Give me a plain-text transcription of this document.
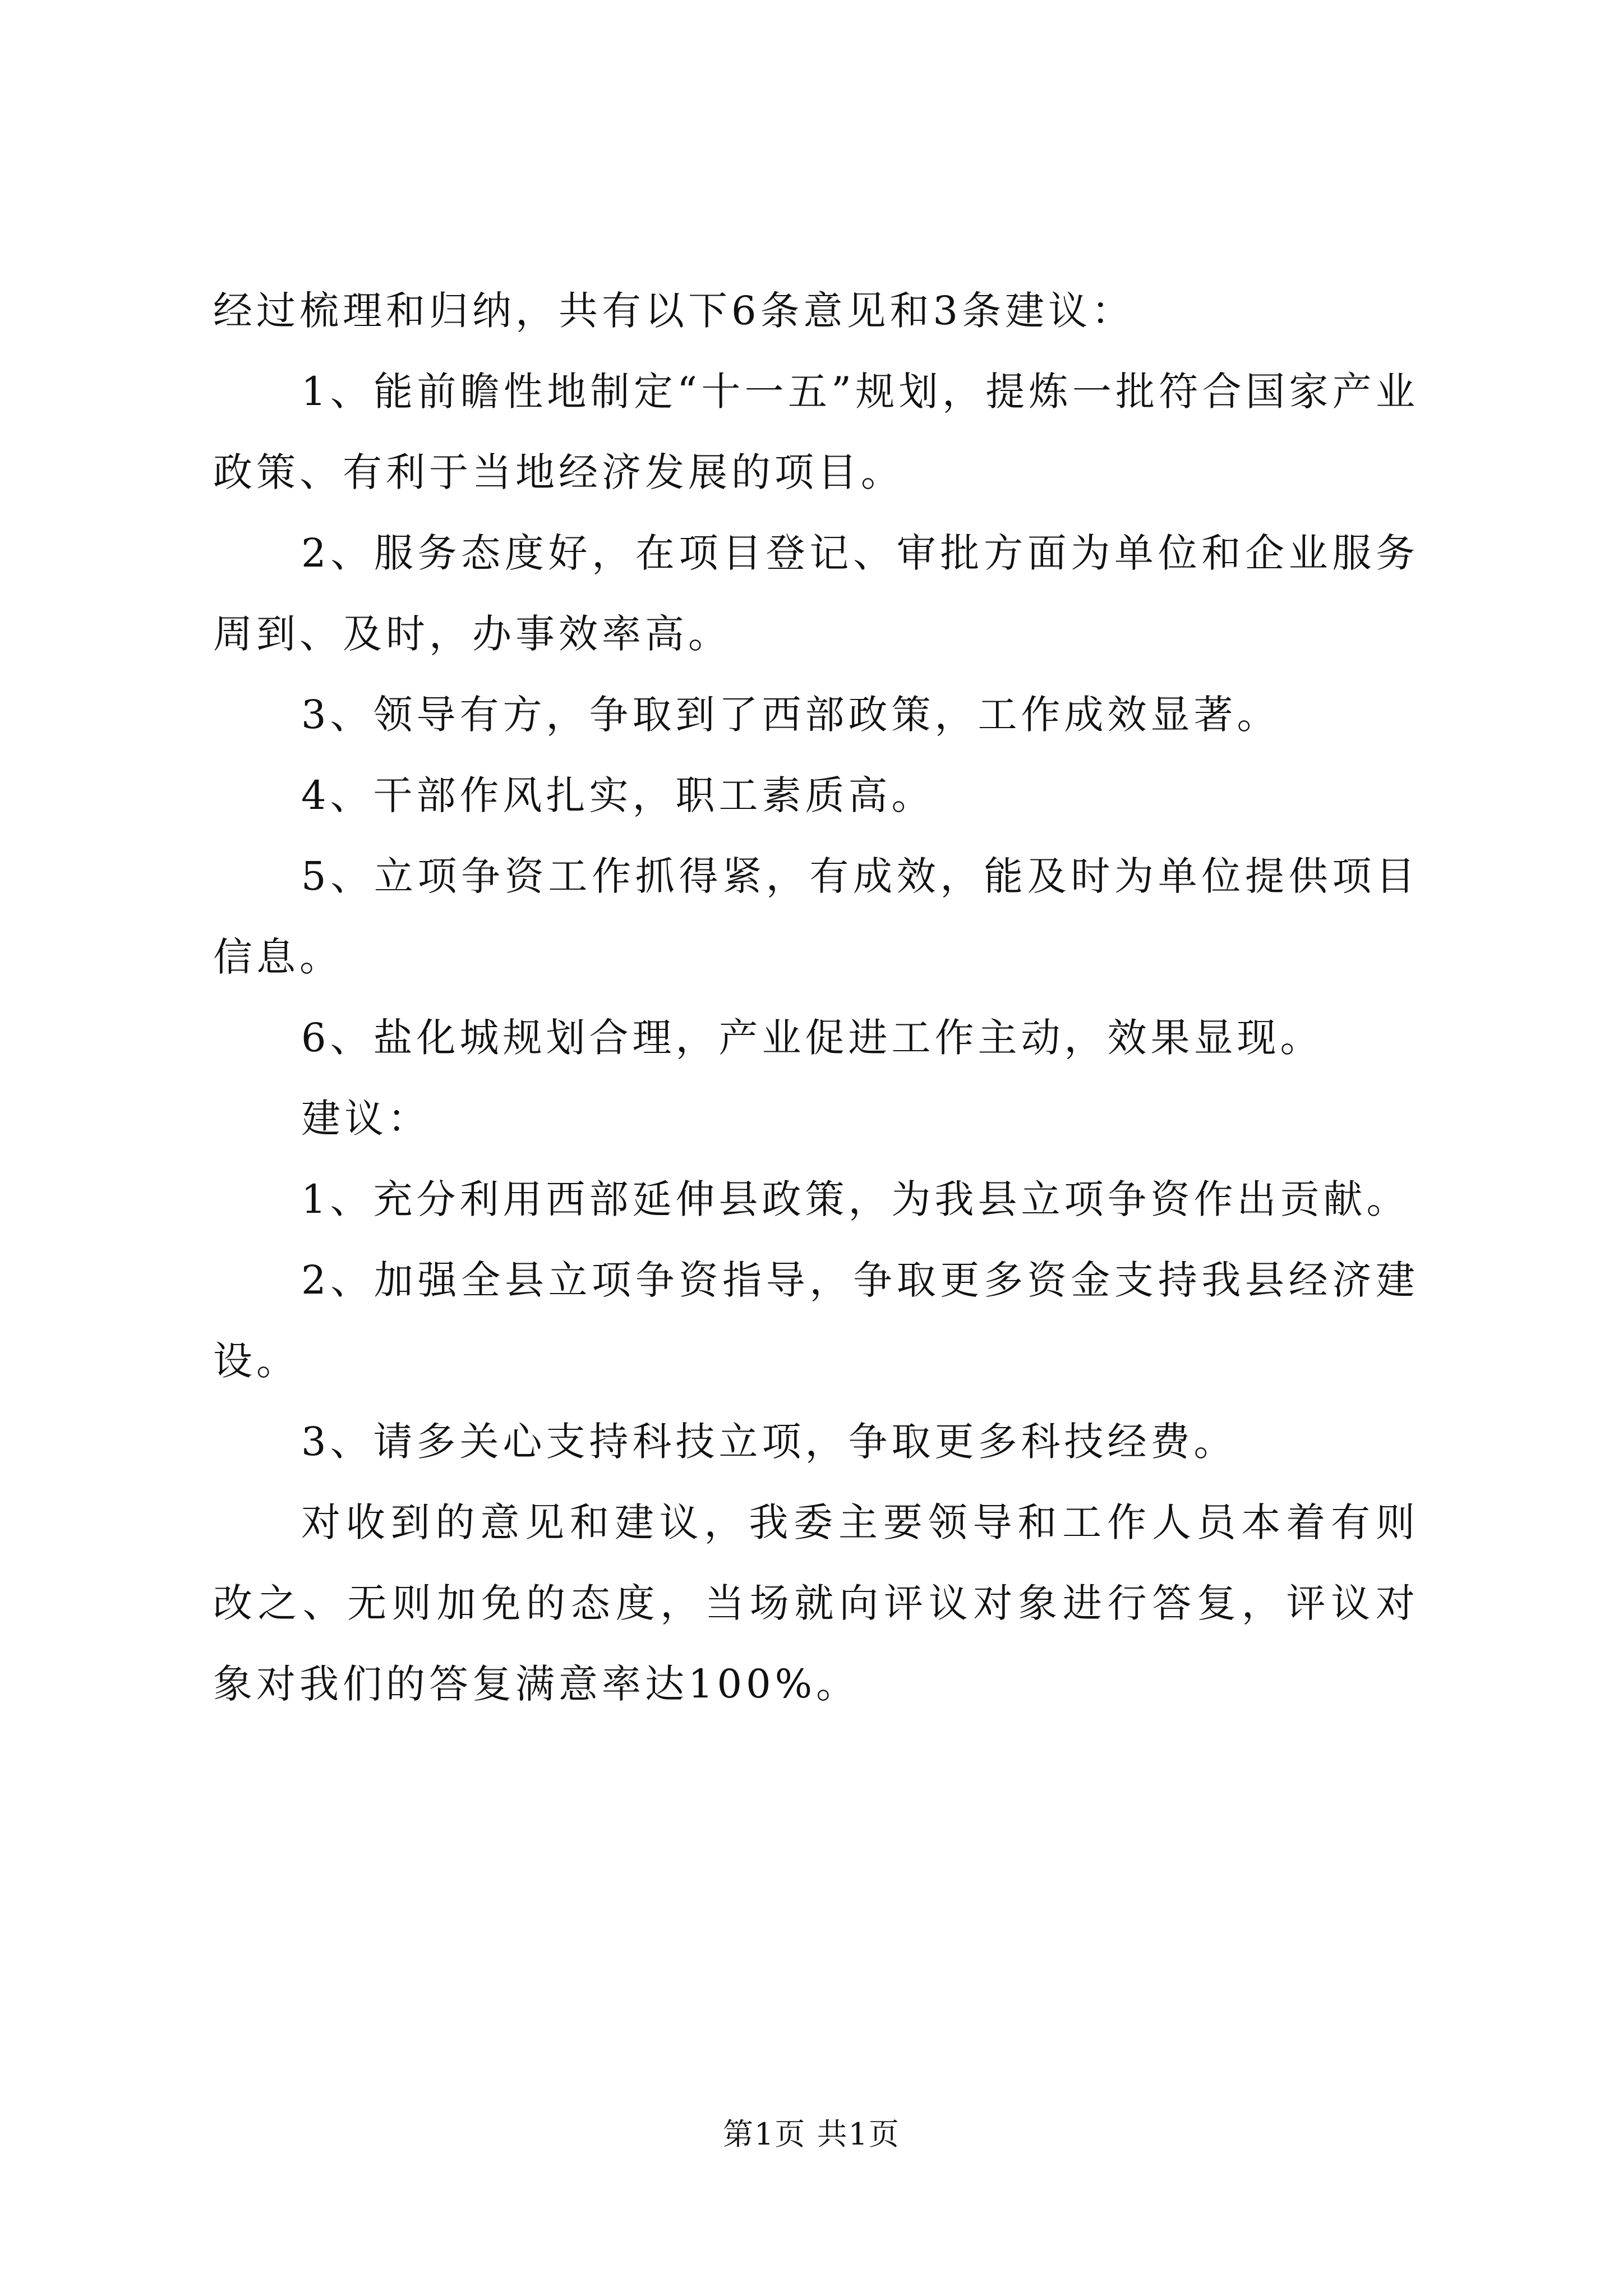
经过梳理和归纳，共有以下6条意见和3条建议：

1、能前瞻性地制定“十一五”规划，提炼一批符合国家产业政策、有利于当地经济发展的项目。

2、服务态度好，在项目登记、审批方面为单位和企业服务周到、及时，办事效率高。

3、领导有方，争取到了西部政策，工作成效显著。

4、干部作风扎实，职工素质高。

5、立项争资工作抓得紧，有成效，能及时为单位提供项目信息。

6、盐化城规划合理，产业促进工作主动，效果显现。

建议：

1、充分利用西部延伸县政策，为我县立项争资作出贡献。

2、加强全县立项争资指导，争取更多资金支持我县经济建设。

3、请多关心支持科技立项，争取更多科技经费。

对收到的意见和建议，我委主要领导和工作人员本着有则改之、无则加免的态度，当场就向评议对象进行答复，评议对象对我们的答复满意率达100%。

第1页 共1页
